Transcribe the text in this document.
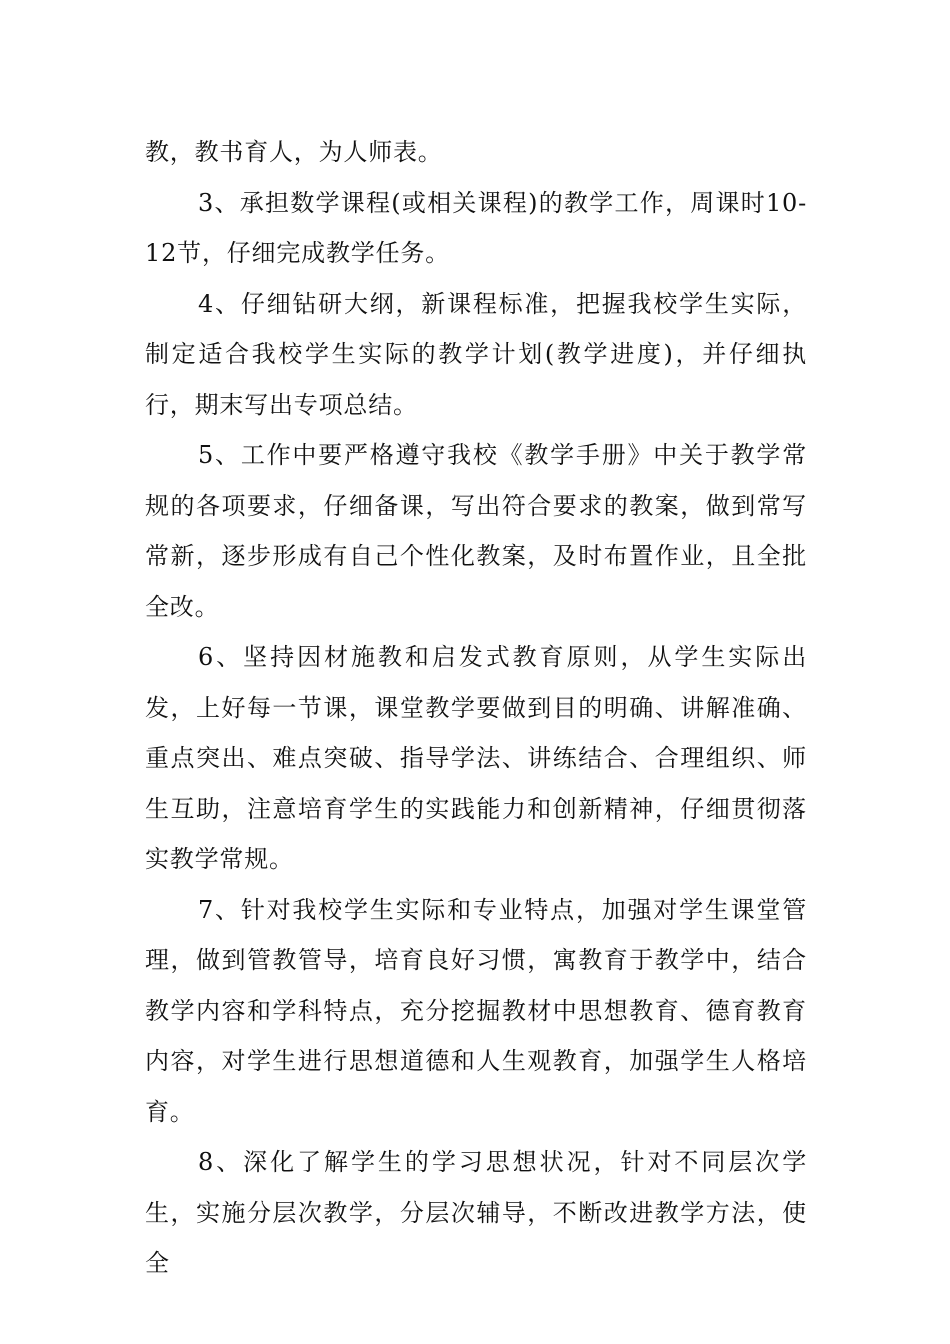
教，教书育人，为人师表。

3、承担数学课程(或相关课程)的教学工作，周课时10-12节，仔细完成教学任务。

4、仔细钻研大纲，新课程标准，把握我校学生实际，制定适合我校学生实际的教学计划(教学进度)，并仔细执行，期末写出专项总结。

5、工作中要严格遵守我校《教学手册》中关于教学常规的各项要求，仔细备课，写出符合要求的教案，做到常写常新，逐步形成有自己个性化教案，及时布置作业，且全批全改。

6、坚持因材施教和启发式教育原则，从学生实际出发，上好每一节课，课堂教学要做到目的明确、讲解准确、重点突出、难点突破、指导学法、讲练结合、合理组织、师生互助，注意培育学生的实践能力和创新精神，仔细贯彻落实教学常规。

7、针对我校学生实际和专业特点，加强对学生课堂管理，做到管教管导，培育良好习惯，寓教育于教学中，结合教学内容和学科特点，充分挖掘教材中思想教育、德育教育内容，对学生进行思想道德和人生观教育，加强学生人格培育。

8、深化了解学生的学习思想状况，针对不同层次学生，实施分层次教学，分层次辅导，不断改进教学方法，使全
